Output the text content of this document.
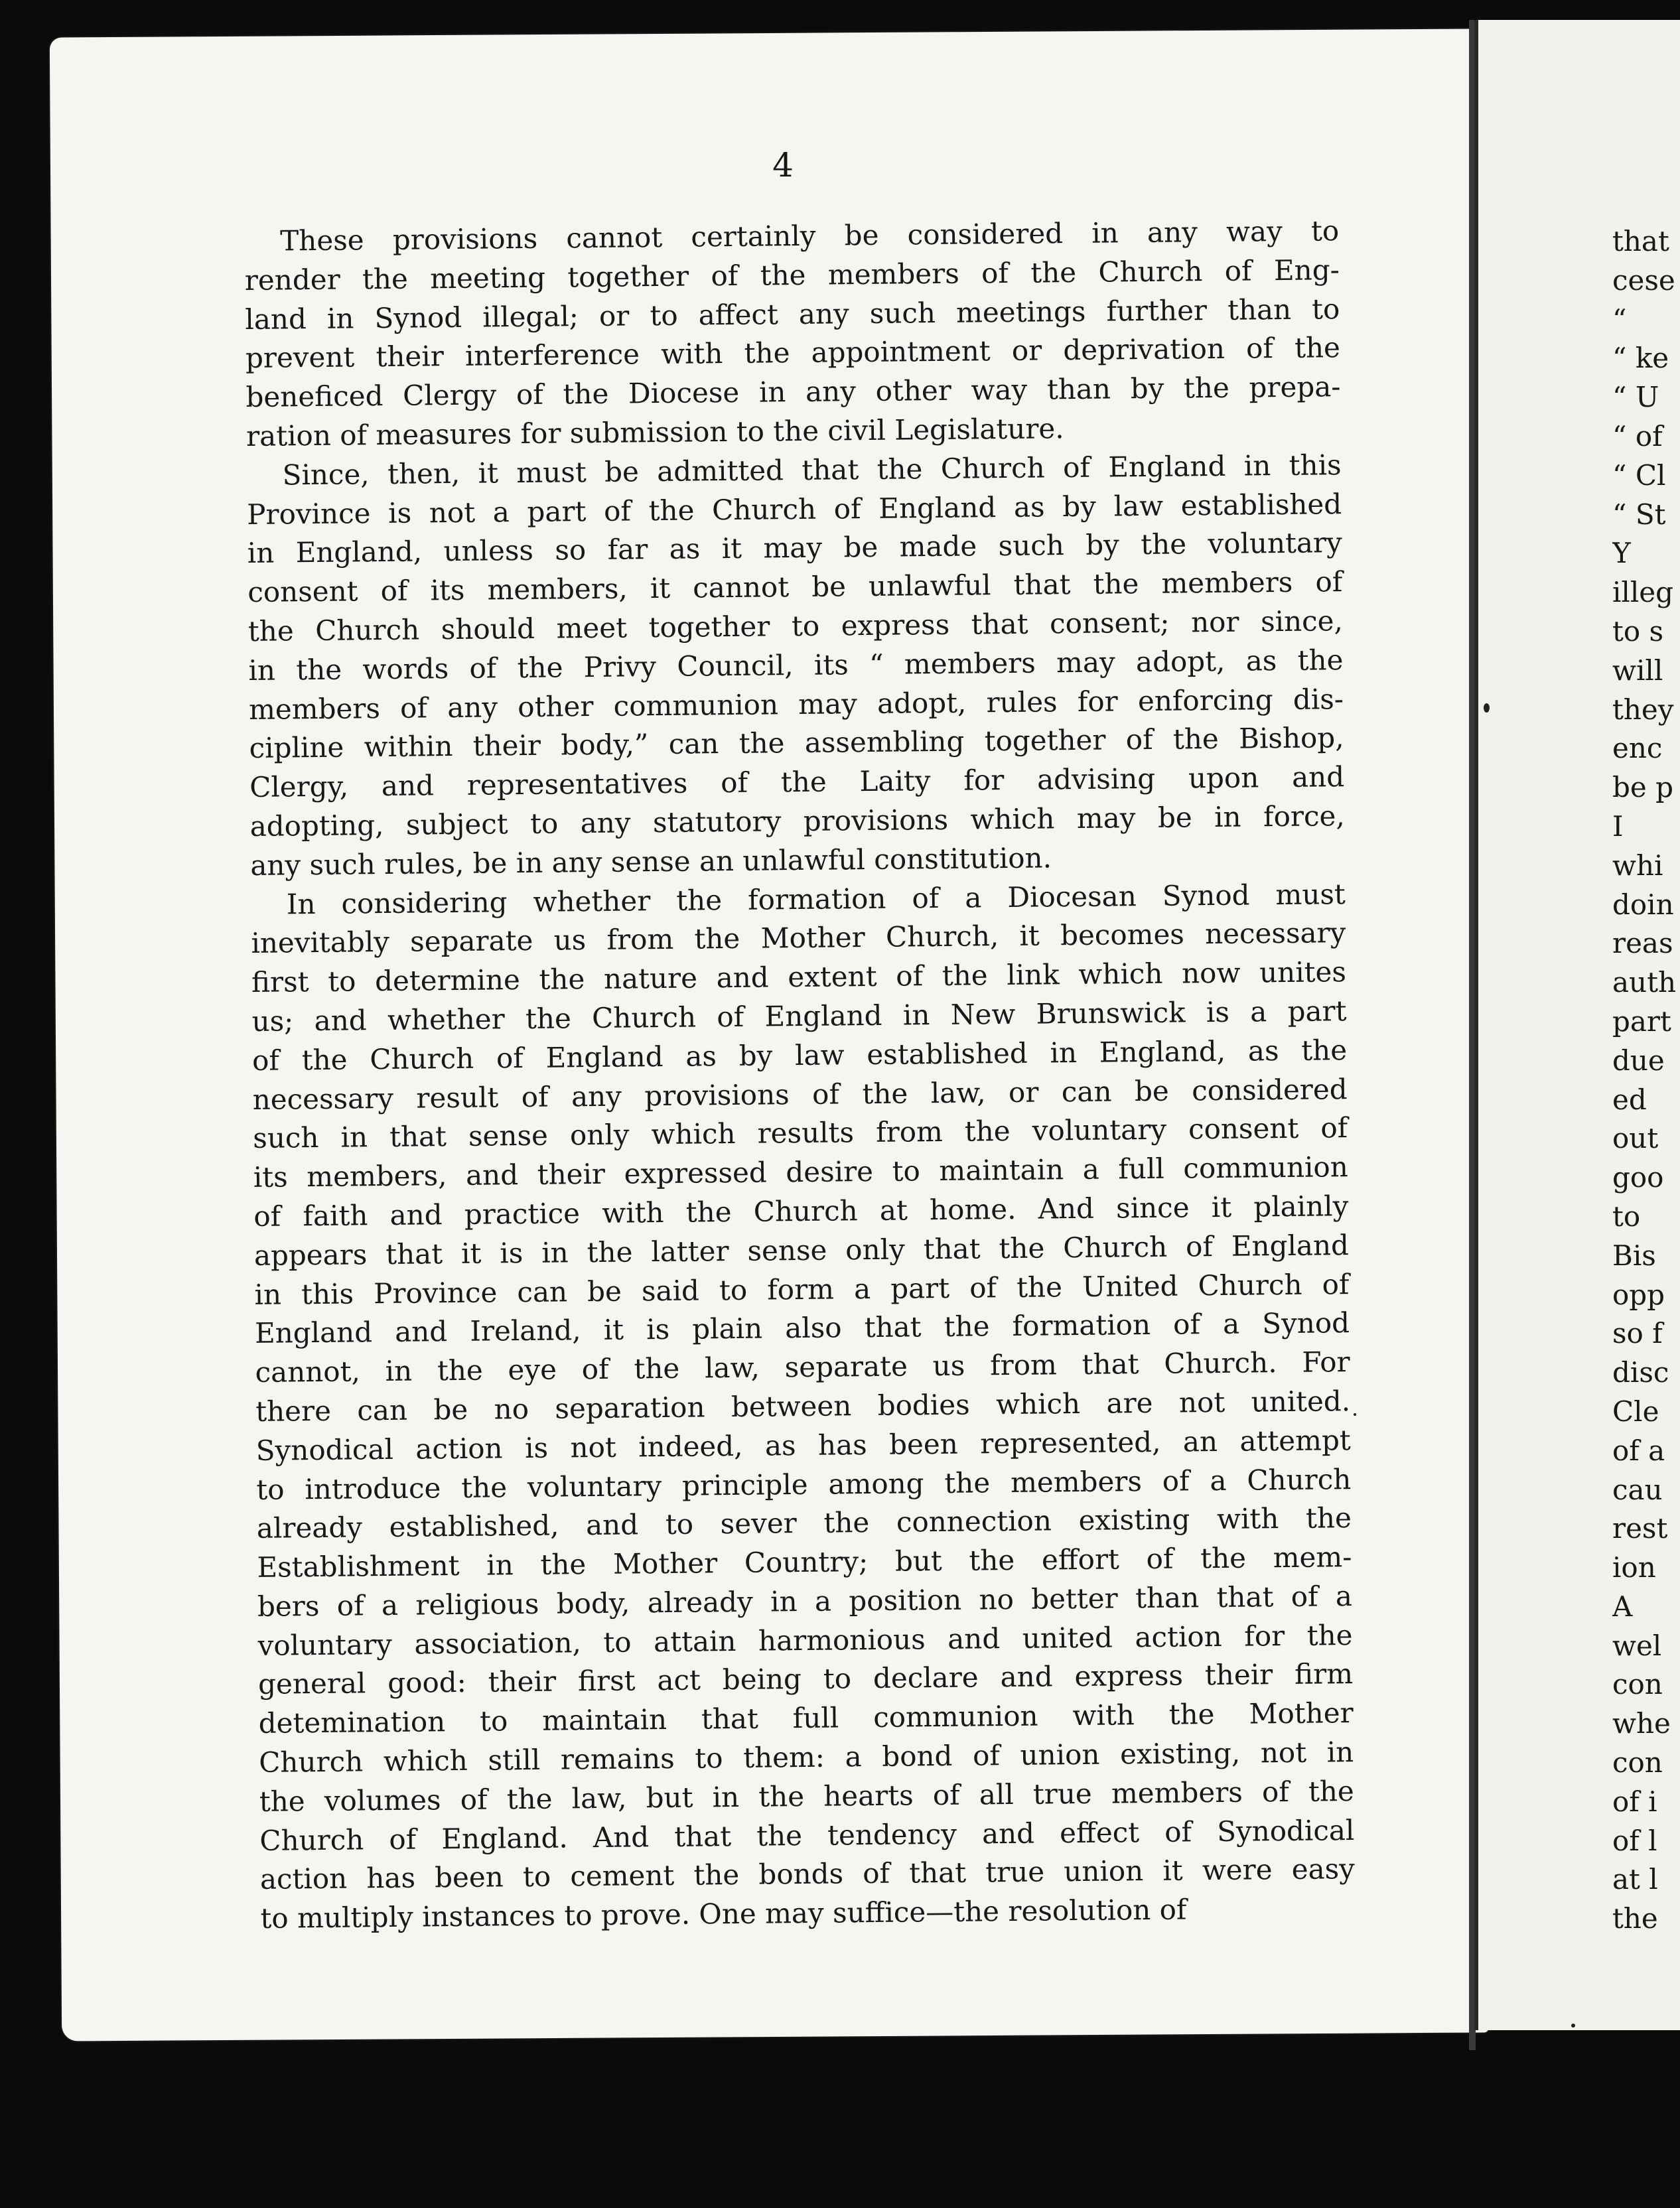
4

These provisions cannot certainly be considered in any way to
render the meeting together of the members of the Church of Eng-
land in Synod illegal; or to affect any such meetings further than to
prevent their interference with the appointment or deprivation of the
beneficed Clergy of the Diocese in any other way than by the prepa-
ration of measures for submission to the civil Legislature.

Since, then, it must be admitted that the Church of England in this
Province is not a part of the Church of England as by law established
in England, unless so far as it may be made such by the voluntary
consent of its members, it cannot be unlawful that the members of
the Church should meet together to express that consent; nor since,
in the words of the Privy Council, its “ members may adopt, as the
members of any other communion may adopt, rules for enforcing dis-
cipline within their body,” can the assembling together of the Bishop,
Clergy, and representatives of the Laity for advising upon and
adopting, subject to any statutory provisions which may be in force,
any such rules, be in any sense an unlawful constitution.

In considering whether the formation of a Diocesan Synod must
inevitably separate us from the Mother Church, it becomes necessary
first to determine the nature and extent of the link which now unites
us; and whether the Church of England in New Brunswick is a part
of the Church of England as by law established in England, as the
necessary result of any provisions of the law, or can be considered
such in that sense only which results from the voluntary consent of
its members, and their expressed desire to maintain a full communion
of faith and practice with the Church at home. And since it plainly
appears that it is in the latter sense only that the Church of England
in this Province can be said to form a part of the United Church of
England and Ireland, it is plain also that the formation of a Synod
cannot, in the eye of the law, separate us from that Church. For
there can be no separation between bodies which are not united.
Synodical action is not indeed, as has been represented, an attempt
to introduce the voluntary principle among the members of a Church
already established, and to sever the connection existing with the
Establishment in the Mother Country; but the effort of the mem-
bers of a religious body, already in a position no better than that of a
voluntary association, to attain harmonious and united action for the
general good: their first act being to declare and express their firm
detemination to maintain that full communion with the Mother
Church which still remains to them: a bond of union existing, not in
the volumes of the law, but in the hearts of all true members of the
Church of England. And that the tendency and effect of Synodical
action has been to cement the bonds of that true union it were easy
to multiply instances to prove. One may suffice—the resolution of

that
cese
“
“ ke
“ U
“ of
“ Cl
“ St
Y
illeg
to s
will
they
enc
be p
I
whi
doin
reas
auth
part
due
ed
out
goo
to
Bis
opp
so f
disc
Cle
of a
cau
rest
ion
A
wel
con
whe
con
of i
of l
at l
the
